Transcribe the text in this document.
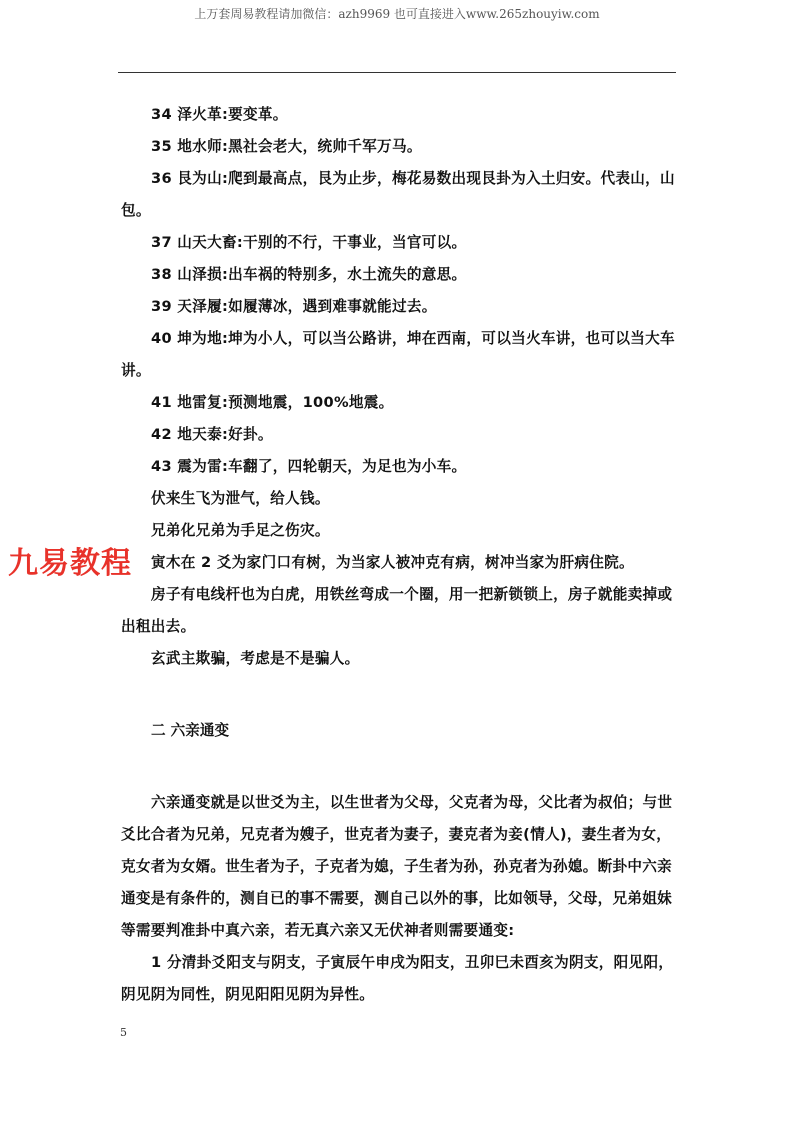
上万套周易教程请加微信：azh9969 也可直接进入www.265zhouyiw.com

34 泽火革:要变革。

35 地水师:黑社会老大，统帅千军万马。

36 艮为山:爬到最高点，艮为止步，梅花易数出现艮卦为入土归安。代表山，山包。

37 山天大畜:干别的不行，干事业，当官可以。

38 山泽损:出车祸的特别多，水土流失的意思。

39 天泽履:如履薄冰，遇到难事就能过去。

40 坤为地:坤为小人，可以当公路讲，坤在西南，可以当火车讲，也可以当大车讲。

41 地雷复:预测地震，100%地震。

42 地天泰:好卦。

43 震为雷:车翻了，四轮朝天，为足也为小车。

伏来生飞为泄气，给人钱。

兄弟化兄弟为手足之伤灾。

寅木在 2 爻为家门口有树，为当家人被冲克有病，树冲当家为肝病住院。

房子有电线杆也为白虎，用铁丝弯成一个圈，用一把新锁锁上，房子就能卖掉或出租出去。

玄武主欺骗，考虑是不是骗人。

二 六亲通变

六亲通变就是以世爻为主，以生世者为父母，父克者为母，父比者为叔伯；与世爻比合者为兄弟，兄克者为嫂子，世克者为妻子，妻克者为妾(情人)，妻生者为女，克女者为女婿。世生者为子，子克者为媳，子生者为孙，孙克者为孙媳。断卦中六亲通变是有条件的，测自已的事不需要，测自己以外的事，比如领导，父母，兄弟姐妹等需要判准卦中真六亲，若无真六亲又无伏神者则需要通变:

1 分清卦爻阳支与阴支，子寅辰午申戌为阳支，丑卯巳未酉亥为阴支，阳见阳，阴见阴为同性，阴见阳阳见阴为异性。

九易教程
5
